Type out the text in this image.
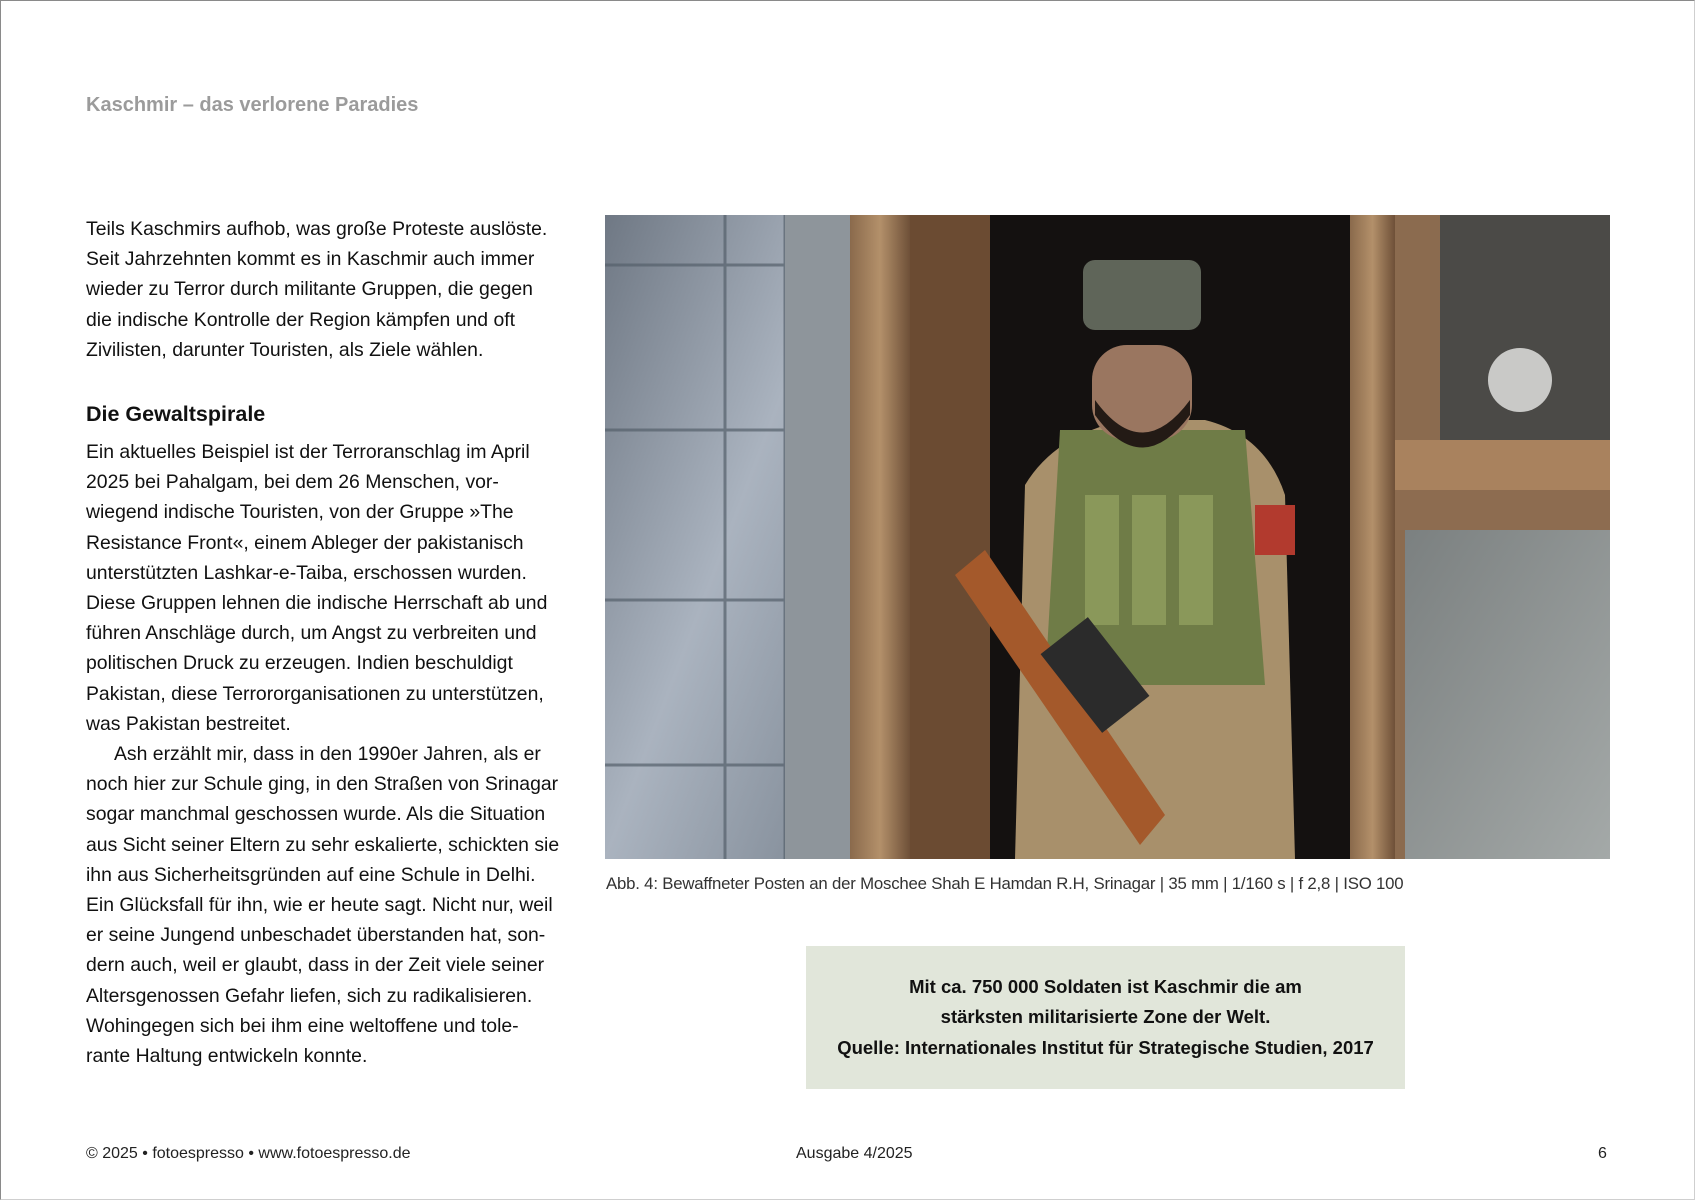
Kaschmir – das verlorene Paradies

Teils Kaschmirs aufhob, was große Proteste auslöste.
Seit Jahrzehnten kommt es in Kaschmir auch immer
wieder zu Terror durch militante Gruppen, die gegen
die indische Kontrolle der Region kämpfen und oft
Zivilisten, darunter Touristen, als Ziele wählen.

Die Gewaltspirale

Ein aktuelles Beispiel ist der Terroranschlag im April
2025 bei Pahalgam, bei dem 26 Menschen, vor-
wiegend indische Touristen, von der Gruppe »The
Resistance Front«, einem Ableger der pakistanisch
unterstützten Lashkar-e-Taiba, erschossen wurden.
Diese Gruppen lehnen die indische Herrschaft ab und
führen Anschläge durch, um Angst zu verbreiten und
politischen Druck zu erzeugen. Indien beschuldigt
Pakistan, diese Terrororganisationen zu unterstützen,
was Pakistan bestreitet.

Ash erzählt mir, dass in den 1990er Jahren, als er
noch hier zur Schule ging, in den Straßen von Srinagar
sogar manchmal geschossen wurde. Als die Situation
aus Sicht seiner Eltern zu sehr eskalierte, schickten sie
ihn aus Sicherheitsgründen auf eine Schule in Delhi.
Ein Glücksfall für ihn, wie er heute sagt. Nicht nur, weil
er seine Jungend unbeschadet überstanden hat, son-
dern auch, weil er glaubt, dass in der Zeit viele seiner
Altersgenossen Gefahr liefen, sich zu radikalisieren.
Wohingegen sich bei ihm eine weltoffene und tole-
rante Haltung entwickeln konnte.

Abb. 4: Bewaffneter Posten an der Moschee Shah E Hamdan R.H, Srinagar | 35 mm | 1/160 s | f 2,8 | ISO 100
Mit ca. 750 000 Soldaten ist Kaschmir die am
stärksten militarisierte Zone der Welt.
Quelle: Internationales Institut für Strategische Studien, 2017
© 2025 • fotoespresso • www.fotoespresso.de	Ausgabe 4/2025	6
